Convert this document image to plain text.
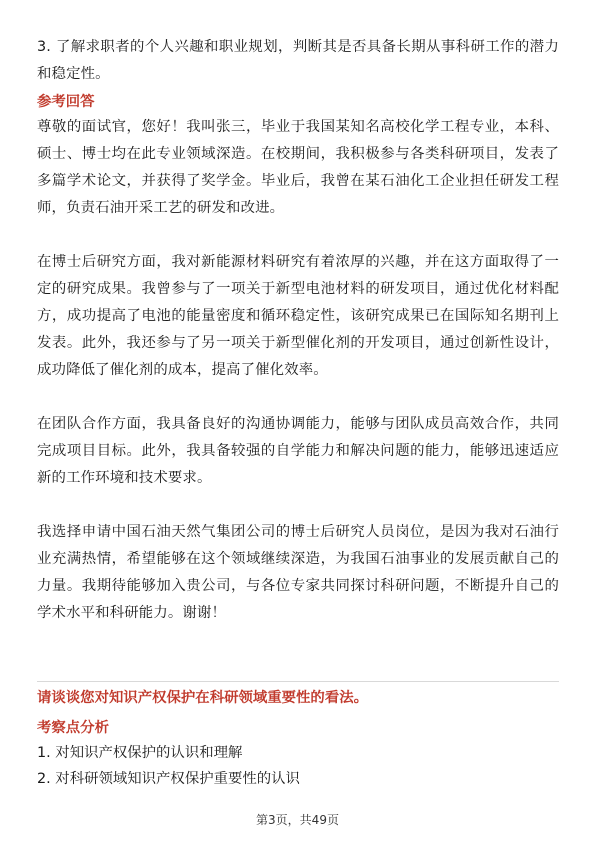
3. 了解求职者的个人兴趣和职业规划，判断其是否具备长期从事科研工作的潜力和稳定性。

参考回答

尊敬的面试官，您好！我叫张三，毕业于我国某知名高校化学工程专业，本科、硕士、博士均在此专业领域深造。在校期间，我积极参与各类科研项目，发表了多篇学术论文，并获得了奖学金。毕业后，我曾在某石油化工企业担任研发工程师，负责石油开采工艺的研发和改进。

在博士后研究方面，我对新能源材料研究有着浓厚的兴趣，并在这方面取得了一定的研究成果。我曾参与了一项关于新型电池材料的研发项目，通过优化材料配方，成功提高了电池的能量密度和循环稳定性，该研究成果已在国际知名期刊上发表。此外，我还参与了另一项关于新型催化剂的开发项目，通过创新性设计，成功降低了催化剂的成本，提高了催化效率。

在团队合作方面，我具备良好的沟通协调能力，能够与团队成员高效合作，共同完成项目目标。此外，我具备较强的自学能力和解决问题的能力，能够迅速适应新的工作环境和技术要求。

我选择申请中国石油天然气集团公司的博士后研究人员岗位，是因为我对石油行业充满热情，希望能够在这个领域继续深造，为我国石油事业的发展贡献自己的力量。我期待能够加入贵公司，与各位专家共同探讨科研问题，不断提升自己的学术水平和科研能力。谢谢！

请谈谈您对知识产权保护在科研领域重要性的看法。

考察点分析

1. 对知识产权保护的认识和理解

2. 对科研领域知识产权保护重要性的认识

第3页，共49页
